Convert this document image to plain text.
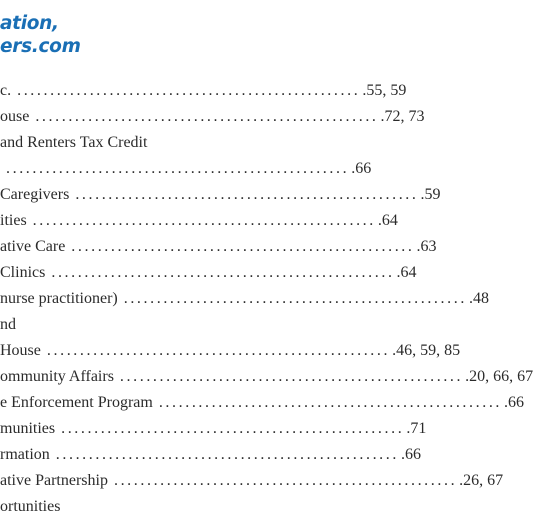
ation,
ers.com
c. .................................................... .55, 59
ouse .................................................... .72, 73
and Renters Tax Credit
.................................................... .66
Caregivers .................................................... .59
ities .................................................... .64
ative Care .................................................... .63
Clinics .................................................... .64
nurse practitioner) .................................................... .48
nd
House .................................................... .46, 59, 85
ommunity Affairs .................................................... .20, 66, 67
e Enforcement Program .................................................... .66
munities .................................................... .71
rmation .................................................... .66
ative Partnership .................................................... .26, 67
ortunities
